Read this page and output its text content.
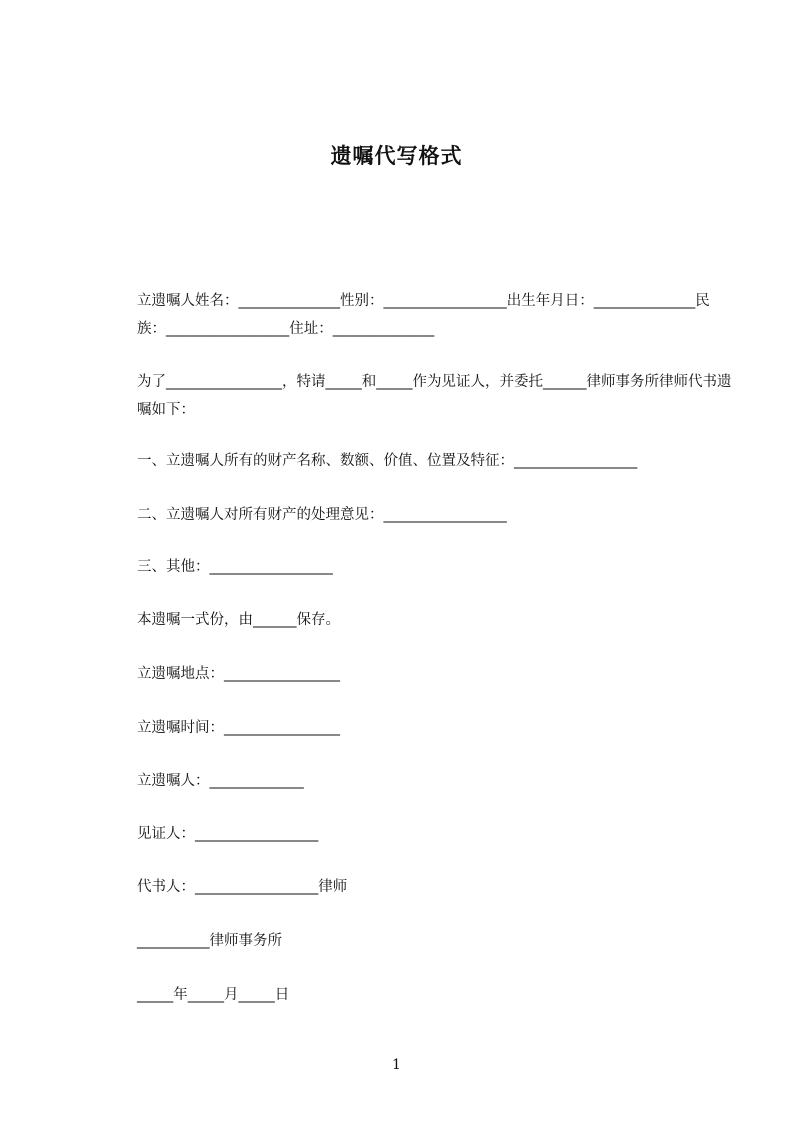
遗嘱代写格式
立遗嘱人姓名：______________性别：_________________出生年月日：______________民族：_________________住址：______________
为了________________，特请_____和_____作为见证人，并委托______律师事务所律师代书遗嘱如下：
一、立遗嘱人所有的财产名称、数额、价值、位置及特征：_________________
二、立遗嘱人对所有财产的处理意见：_________________
三、其他：_________________
本遗嘱一式份，由______保存。
立遗嘱地点：________________
立遗嘱时间：________________
立遗嘱人：_____________
见证人：_________________
代书人：_________________律师
__________律师事务所
_____年_____月_____日
1
